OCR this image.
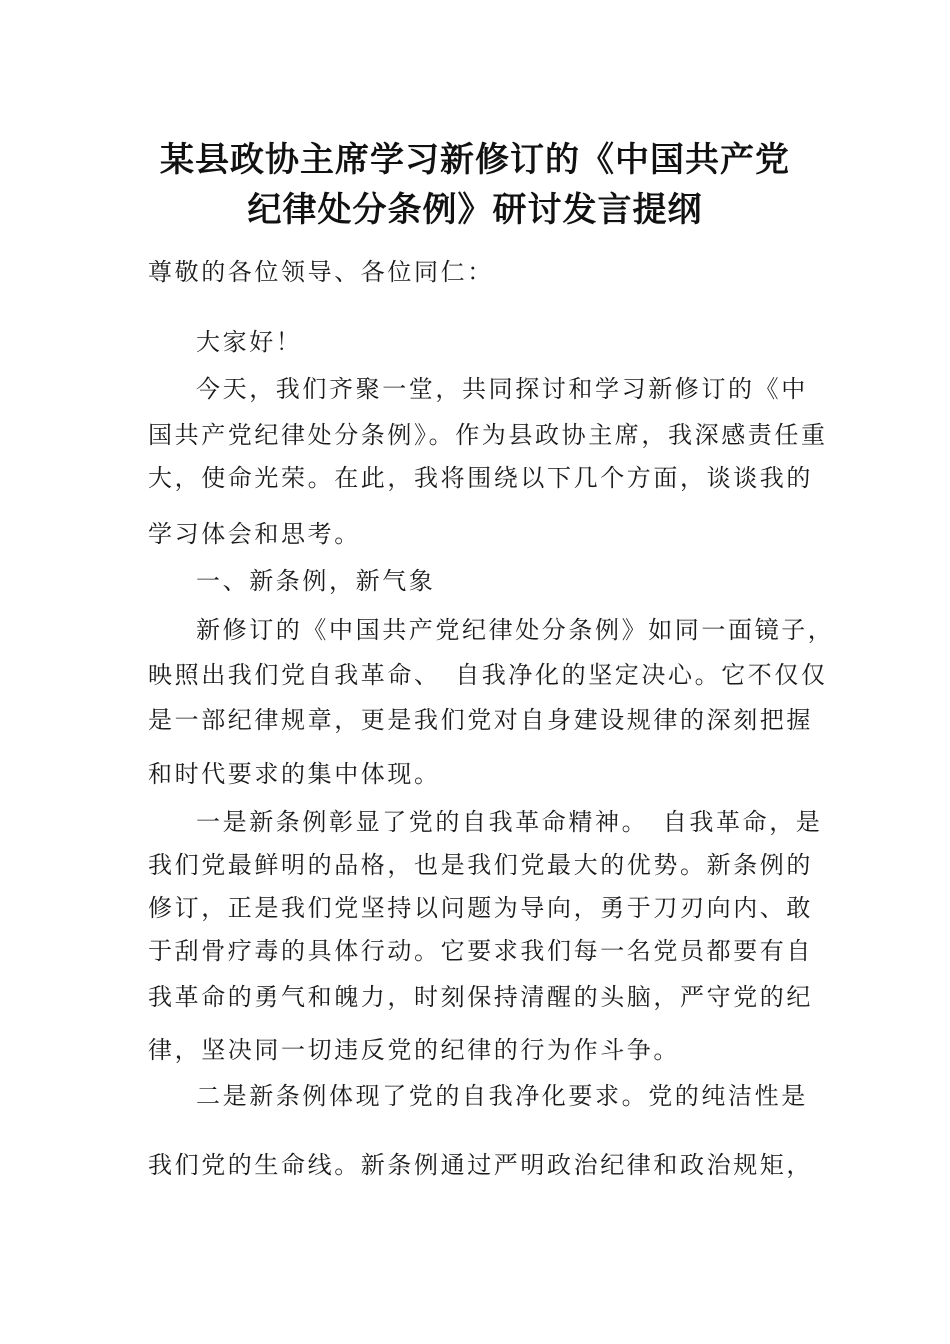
某县政协主席学习新修订的《中国共产党
纪律处分条例》研讨发言提纲
尊敬的各位领导、各位同仁：
大家好！
今天，我们齐聚一堂，共同探讨和学习新修订的《中
国共产党纪律处分条例》。作为县政协主席，我深感责任重
大，使命光荣。在此，我将围绕以下几个方面，谈谈我的
学习体会和思考。
一、新条例，新气象
新修订的《中国共产党纪律处分条例》如同一面镜子，
映照出我们党自我革命、　自我净化的坚定决心。它不仅仅
是一部纪律规章，更是我们党对自身建设规律的深刻把握
和时代要求的集中体现。
一是新条例彰显了党的自我革命精神。　自我革命，是
我们党最鲜明的品格，也是我们党最大的优势。新条例的
修订，正是我们党坚持以问题为导向，勇于刀刃向内、敢
于刮骨疗毒的具体行动。它要求我们每一名党员都要有自
我革命的勇气和魄力，时刻保持清醒的头脑，严守党的纪
律，坚决同一切违反党的纪律的行为作斗争。
二是新条例体现了党的自我净化要求。党的纯洁性是
我们党的生命线。新条例通过严明政治纪律和政治规矩，
